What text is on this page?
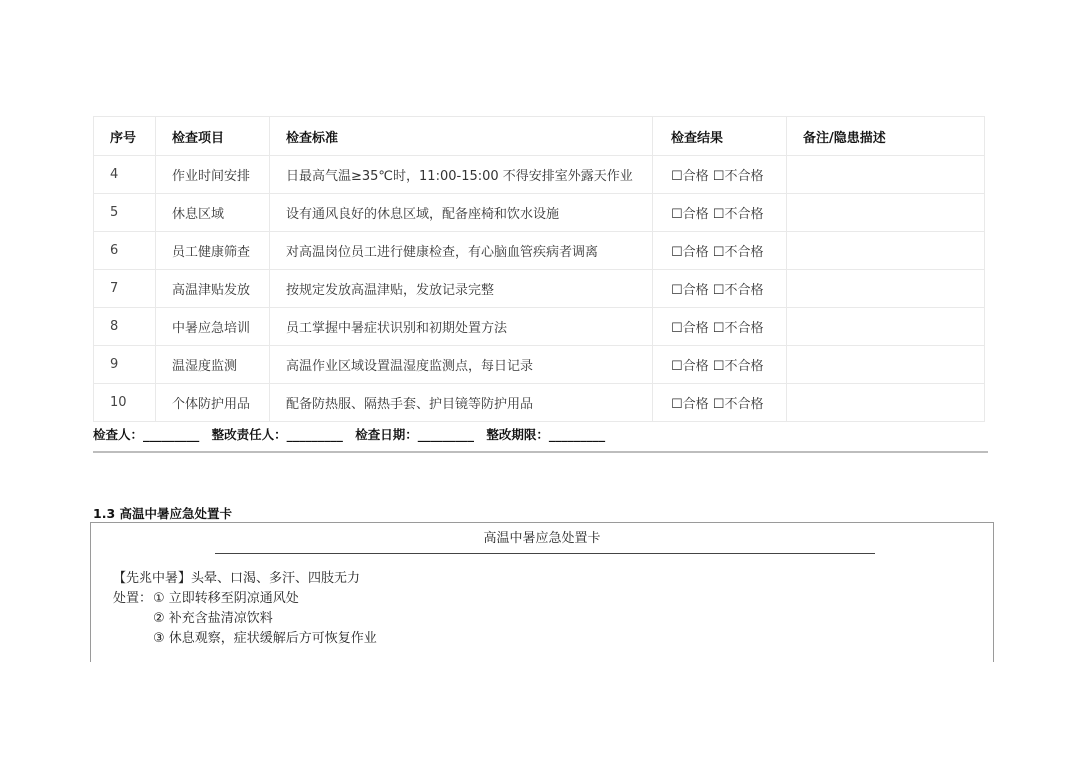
序号	检查项目	检查标准	检查结果	备注/隐患描述
4	作业时间安排	日最高气温≥35℃时，11:00-15:00 不得安排室外露天作业	☐合格 ☐不合格	
5	休息区域	设有通风良好的休息区域，配备座椅和饮水设施	☐合格 ☐不合格	
6	员工健康筛查	对高温岗位员工进行健康检查，有心脑血管疾病者调离	☐合格 ☐不合格	
7	高温津贴发放	按规定发放高温津贴，发放记录完整	☐合格 ☐不合格	
8	中暑应急培训	员工掌握中暑症状识别和初期处置方法	☐合格 ☐不合格	
9	温湿度监测	高温作业区域设置温湿度监测点，每日记录	☐合格 ☐不合格	
10	个体防护用品	配备防热服、隔热手套、护目镜等防护用品	☐合格 ☐不合格	
检查人：_________ 整改责任人：_________ 检查日期：_________ 整改期限：_________
1.3 高温中暑应急处置卡
高温中暑应急处置卡
【先兆中暑】头晕、口渴、多汗、四肢无力
处置： ① 立即转移至阴凉通风处
② 补充含盐清凉饮料
③ 休息观察，症状缓解后方可恢复作业
